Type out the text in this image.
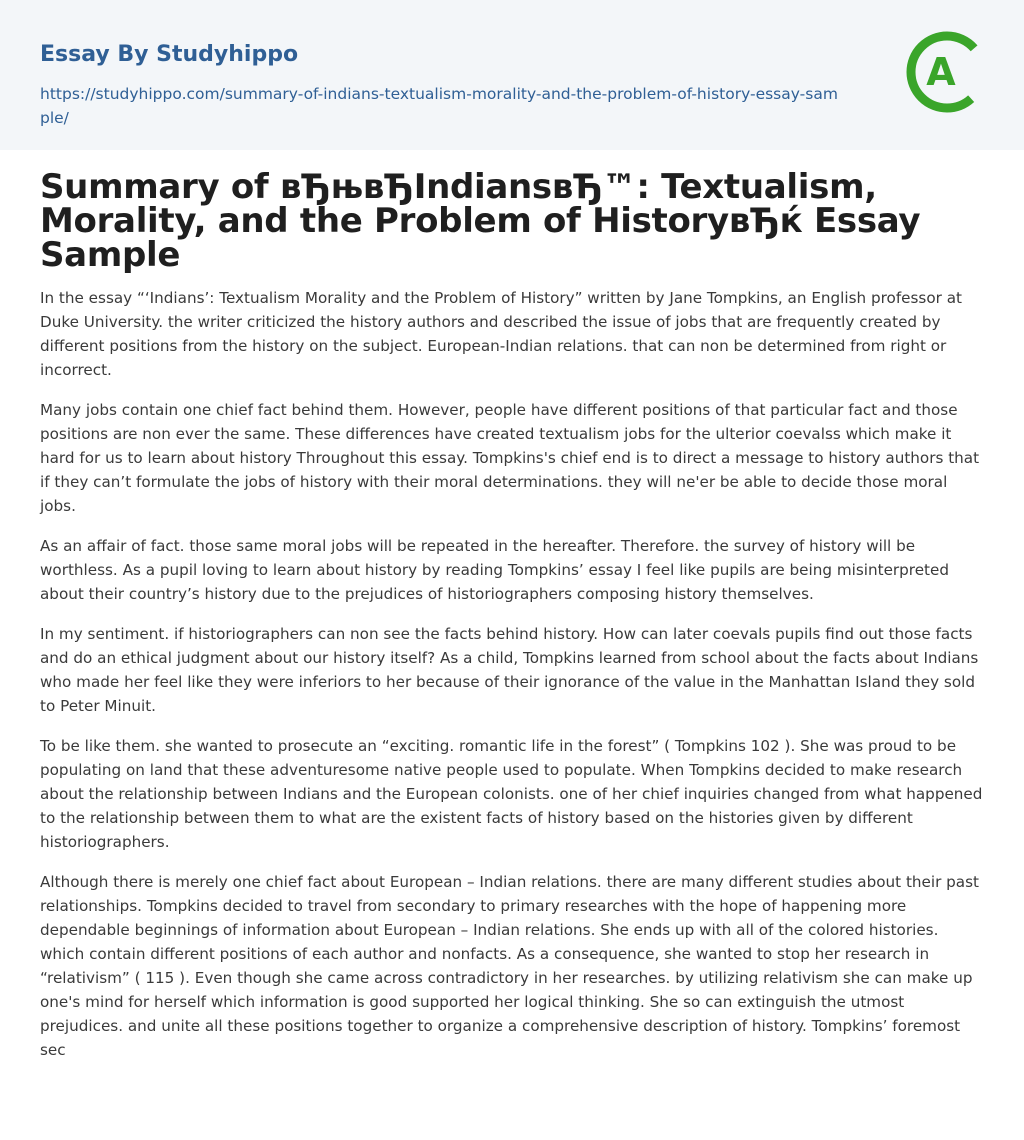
Essay By Studyhippo
https://studyhippo.com/summary-of-indians-textualism-morality-and-the-problem-of-history-essay-sample/
A
Summary of вЂњвЂIndiansвЂ™: Textualism, Morality, and the Problem of HistoryвЂќ Essay Sample

In the essay “‘Indians’: Textualism Morality and the Problem of History” written by Jane Tompkins, an English professor at Duke University. the writer criticized the history authors and described the issue of jobs that are frequently created by different positions from the history on the subject. European-Indian relations. that can non be determined from right or incorrect.

Many jobs contain one chief fact behind them. However, people have different positions of that particular fact and those positions are non ever the same. These differences have created textualism jobs for the ulterior coevalss which make it hard for us to learn about history Throughout this essay. Tompkins's chief end is to direct a message to history authors that if they can’t formulate the jobs of history with their moral determinations. they will ne'er be able to decide those moral jobs.

As an affair of fact. those same moral jobs will be repeated in the hereafter. Therefore. the survey of history will be worthless. As a pupil loving to learn about history by reading Tompkins’ essay I feel like pupils are being misinterpreted about their country’s history due to the prejudices of historiographers composing history themselves.

In my sentiment. if historiographers can non see the facts behind history. How can later coevals pupils find out those facts and do an ethical judgment about our history itself? As a child, Tompkins learned from school about the facts about Indians who made her feel like they were inferiors to her because of their ignorance of the value in the Manhattan Island they sold to Peter Minuit.

To be like them. she wanted to prosecute an “exciting. romantic life in the forest” ( Tompkins 102 ). She was proud to be populating on land that these adventuresome native people used to populate. When Tompkins decided to make research about the relationship between Indians and the European colonists. one of her chief inquiries changed from what happened to the relationship between them to what are the existent facts of history based on the histories given by different historiographers.

Although there is merely one chief fact about European – Indian relations. there are many different studies about their past relationships. Tompkins decided to travel from secondary to primary researches with the hope of happening more dependable beginnings of information about European – Indian relations. She ends up with all of the colored histories. which contain different positions of each author and nonfacts. As a consequence, she wanted to stop her research in “relativism” ( 115 ). Even though she came across contradictory in her researches. by utilizing relativism she can make up one's mind for herself which information is good supported her logical thinking. She so can extinguish the utmost prejudices. and unite all these positions together to organize a comprehensive description of history. Tompkins’ foremost sec
